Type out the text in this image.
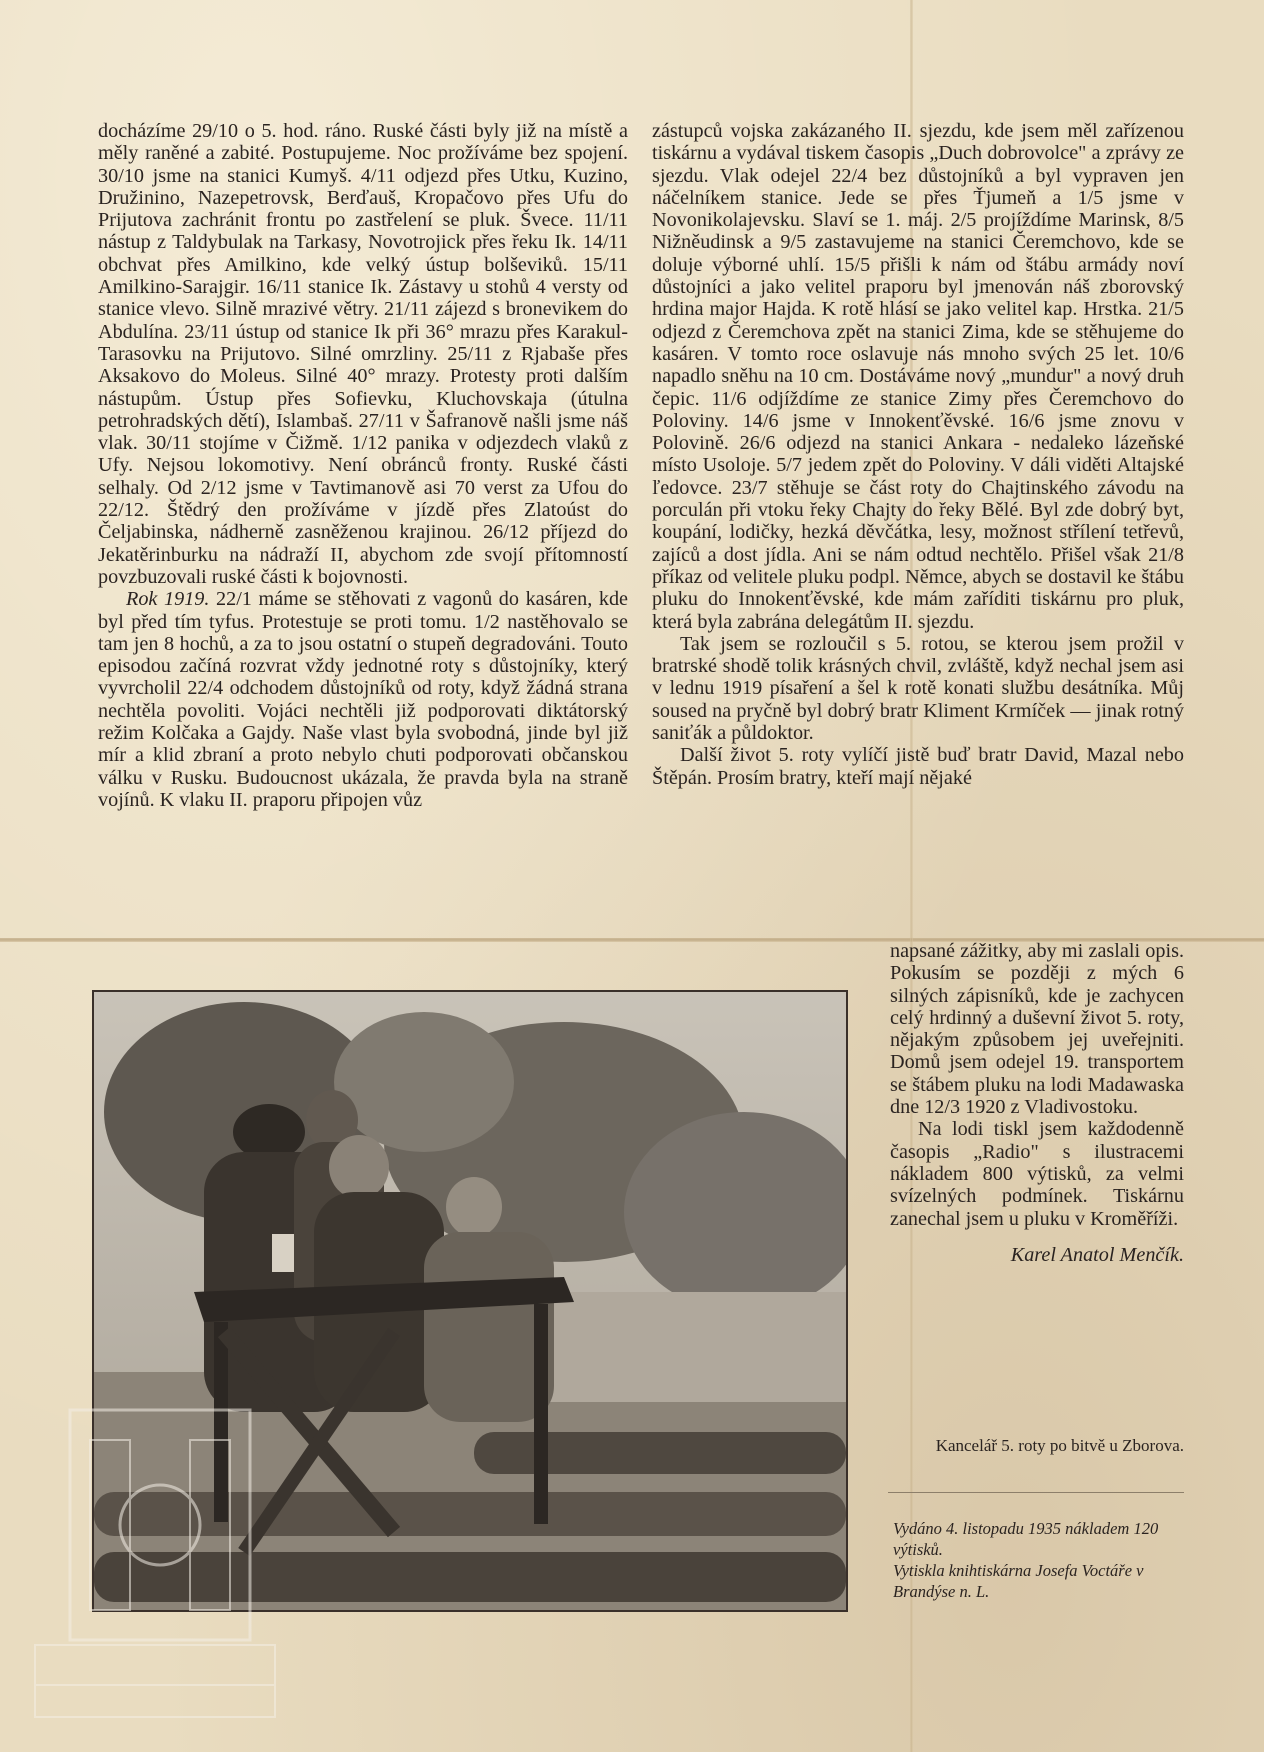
docházíme 29/10 o 5. hod. ráno. Ruské části byly již na místě a měly raněné a zabité. Postupujeme. Noc prožíváme bez spojení. 30/10 jsme na stanici Kumyš. 4/11 odjezd přes Utku, Kuzino, Družinino, Nazepetrovsk, Berďauš, Kropačovo přes Ufu do Prijutova zachránit frontu po zastřelení se pluk. Švece. 11/11 nástup z Taldybulak na Tarkasy, Novotrojick přes řeku Ik. 14/11 obchvat přes Amilkino, kde velký ústup bolševiků. 15/11 Amilkino-Sarajgir. 16/11 stanice Ik. Zástavy u stohů 4 versty od stanice vlevo. Silně mrazivé větry. 21/11 zájezd s bronevikem do Abdulína. 23/11 ústup od stanice Ik při 36° mrazu přes Karakul-Tarasovku na Prijutovo. Silné omrzliny. 25/11 z Rjabaše přes Aksakovo do Moleus. Silné 40° mrazy. Protesty proti dalším nástupům. Ústup přes Sofievku, Kluchovskaja (útulna petrohradských dětí), Islambaš. 27/11 v Šafranově našli jsme náš vlak. 30/11 stojíme v Čižmě. 1/12 panika v odjezdech vlaků z Ufy. Nejsou lokomotivy. Není obránců fronty. Ruské části selhaly. Od 2/12 jsme v Tavtimanově asi 70 verst za Ufou do 22/12. Štědrý den prožíváme v jízdě přes Zlatoúst do Čeljabinska, nádherně zasněženou krajinou. 26/12 příjezd do Jekatěrinburku na nádraží II, abychom zde svojí přítomností povzbuzovali ruské části k bojovnosti.

Rok 1919. 22/1 máme se stěhovati z vagonů do kasáren, kde byl před tím tyfus. Protestuje se proti tomu. 1/2 nastěhovalo se tam jen 8 hochů, a za to jsou ostatní o stupeň degradováni. Touto episodou začíná rozvrat vždy jednotné roty s důstojníky, který vyvrcholil 22/4 odchodem důstojníků od roty, když žádná strana nechtěla povoliti. Vojáci nechtěli již podporovati diktátorský režim Kolčaka a Gajdy. Naše vlast byla svobodná, jinde byl již mír a klid zbraní a proto nebylo chuti podporovati občanskou válku v Rusku. Budoucnost ukázala, že pravda byla na straně vojínů. K vlaku II. praporu připojen vůz

zástupců vojska zakázaného II. sjezdu, kde jsem měl zařízenou tiskárnu a vydával tiskem časopis „Duch dobrovolce" a zprávy ze sjezdu. Vlak odejel 22/4 bez důstojníků a byl vypraven jen náčelníkem stanice. Jede se přes Ťjumeň a 1/5 jsme v Novonikolajevsku. Slaví se 1. máj. 2/5 projíždíme Marinsk, 8/5 Nižněudinsk a 9/5 zastavujeme na stanici Čeremchovo, kde se doluje výborné uhlí. 15/5 přišli k nám od štábu armády noví důstojníci a jako velitel praporu byl jmenován náš zborovský hrdina major Hajda. K rotě hlásí se jako velitel kap. Hrstka. 21/5 odjezd z Čeremchova zpět na stanici Zima, kde se stěhujeme do kasáren. V tomto roce oslavuje nás mnoho svých 25 let. 10/6 napadlo sněhu na 10 cm. Dostáváme nový „mundur" a nový druh čepic. 11/6 odjíždíme ze stanice Zimy přes Čeremchovo do Poloviny. 14/6 jsme v Innokenťěvské. 16/6 jsme znovu v Polovině. 26/6 odjezd na stanici Ankara - nedaleko lázeňské místo Usoloje. 5/7 jedem zpět do Poloviny. V dáli viděti Altajské ľedovce. 23/7 stěhuje se část roty do Chajtinského závodu na porculán při vtoku řeky Chajty do řeky Bělé. Byl zde dobrý byt, koupání, lodičky, hezká děvčátka, lesy, možnost střílení tetřevů, zajíců a dost jídla. Ani se nám odtud nechtělo. Přišel však 21/8 příkaz od velitele pluku podpl. Němce, abych se dostavil ke štábu pluku do Innokenťěvské, kde mám zaříditi tiskárnu pro pluk, která byla zabrána delegátům II. sjezdu.

Tak jsem se rozloučil s 5. rotou, se kterou jsem prožil v bratrské shodě tolik krásných chvil, zvláště, když nechal jsem asi v lednu 1919 písaření a šel k rotě konati službu desátníka. Můj soused na pryčně byl dobrý bratr Kliment Krmíček — jinak rotný saniťák a půldoktor.

Další život 5. roty vylíčí jistě buď bratr David, Mazal nebo Štěpán. Prosím bratry, kteří mají nějaké

napsané zážitky, aby mi zaslali opis. Pokusím se později z mých 6 silných zápisníků, kde je zachycen celý hrdinný a duševní život 5. roty, nějakým způsobem jej uveřejniti. Domů jsem odejel 19. transportem se štábem pluku na lodi Madawaska dne 12/3 1920 z Vladivostoku.

Na lodi tiskl jsem každodenně časopis „Radio" s ilustracemi nákladem 800 výtisků, za velmi svízelných podmínek. Tiskárnu zanechal jsem u pluku v Kroměříži.

Karel Anatol Menčík.

Kancelář 5. roty po bitvě u Zborova.

Vydáno 4. listopadu 1935 nákladem 120 výtisků.

Vytiskla knihtiskárna Josefa Voctáře v Brandýse n. L.
